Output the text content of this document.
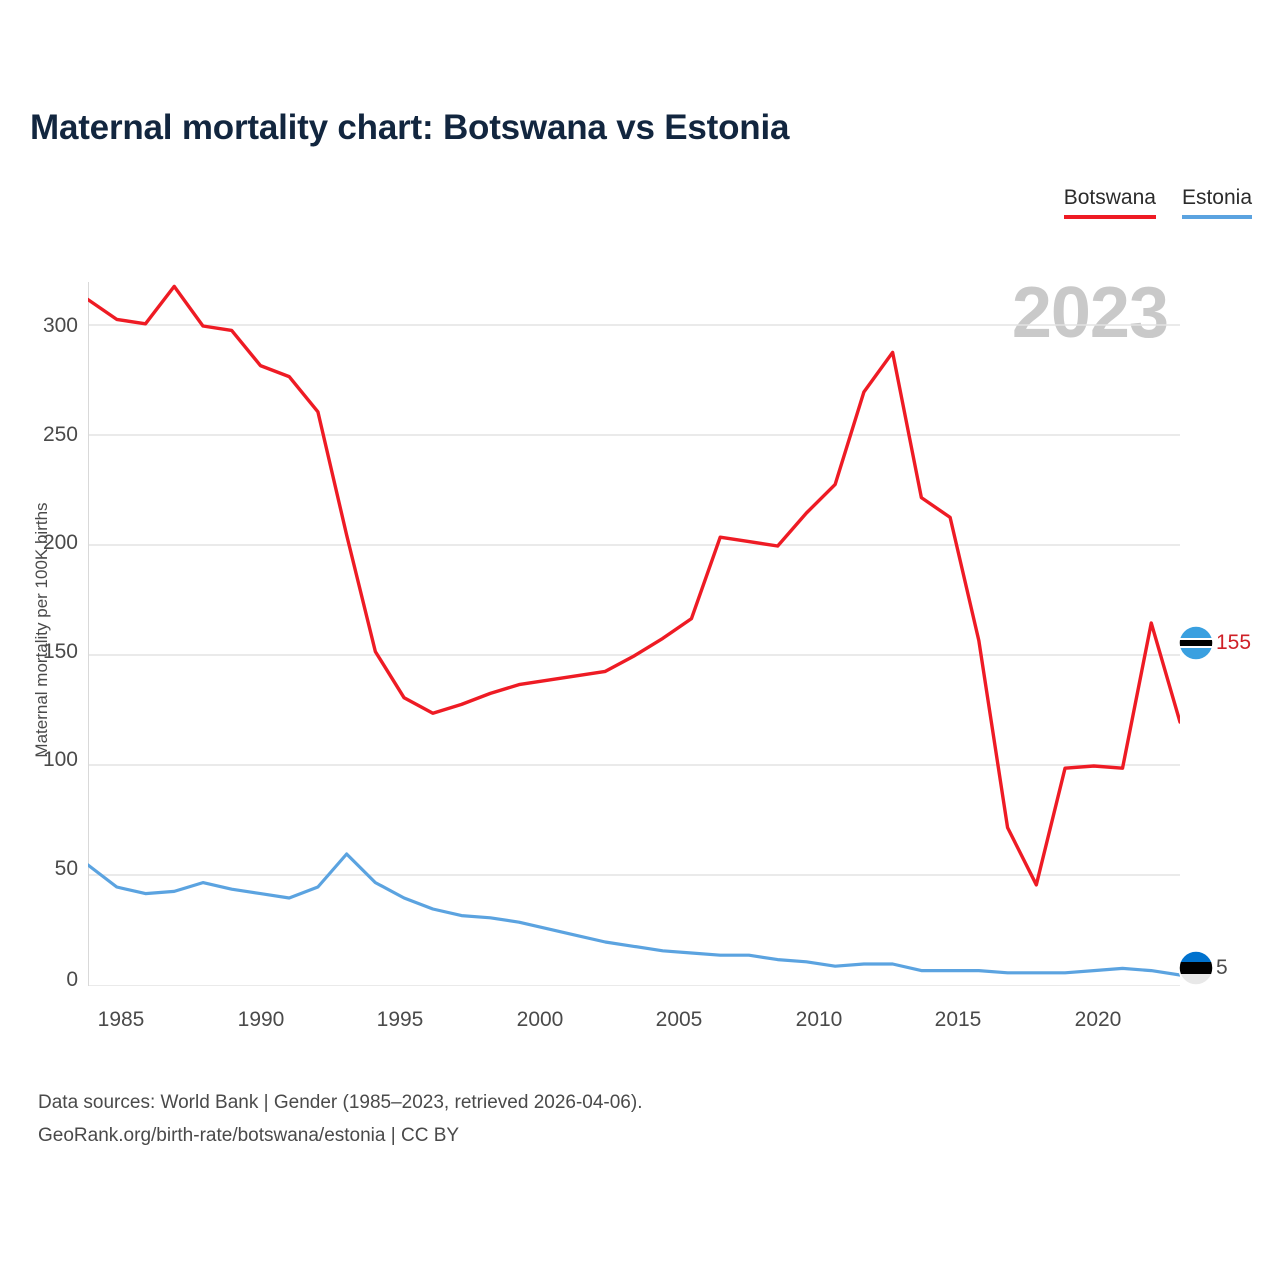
Maternal mortality chart: Botswana vs Estonia
Botswana Estonia
2023
Maternal mortality per 100K births
0
50
100
150
200
250
300
1985	1990	1995	2000	2005	2010	2015	2020
155
5
Data sources: World Bank | Gender (1985–2023, retrieved 2026-04-06).
GeoRank.org/birth-rate/botswana/estonia | CC BY
